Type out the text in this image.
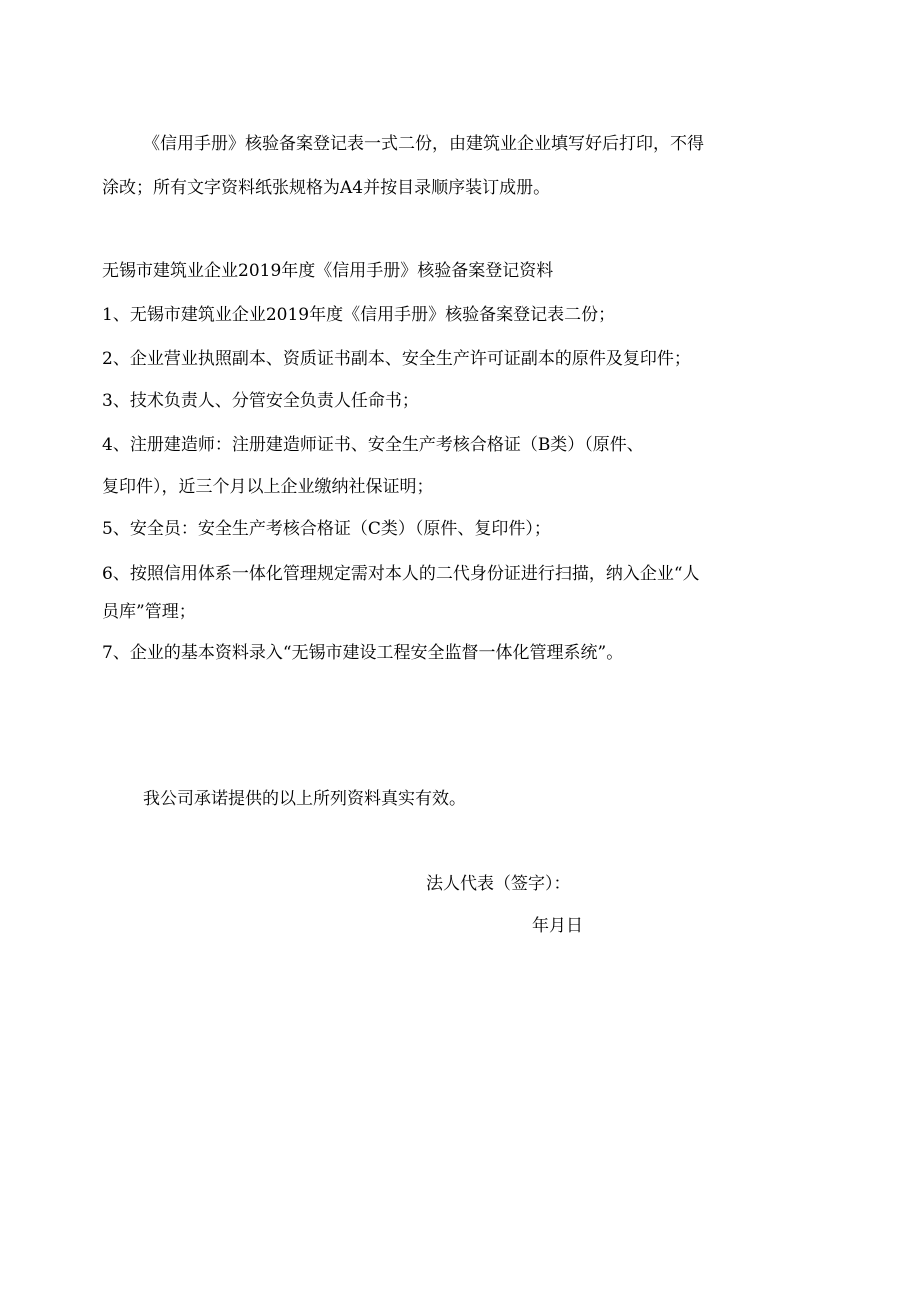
《信用手册》核验备案登记表一式二份，由建筑业企业填写好后打印，不得
涂改；所有文字资料纸张规格为A4并按目录顺序装订成册。
无锡市建筑业企业2019年度《信用手册》核验备案登记资料
1、无锡市建筑业企业2019年度《信用手册》核验备案登记表二份；
2、企业营业执照副本、资质证书副本、安全生产许可证副本的原件及复印件；
3、技术负责人、分管安全负责人任命书；
4、注册建造师：注册建造师证书、安全生产考核合格证（B类）（原件、
复印件），近三个月以上企业缴纳社保证明；
5、安全员：安全生产考核合格证（C类）（原件、复印件）；
6、按照信用体系一体化管理规定需对本人的二代身份证进行扫描，纳入企业“人
员库”管理；
7、企业的基本资料录入“无锡市建设工程安全监督一体化管理系统”。
我公司承诺提供的以上所列资料真实有效。
法人代表（签字）：
年月日
